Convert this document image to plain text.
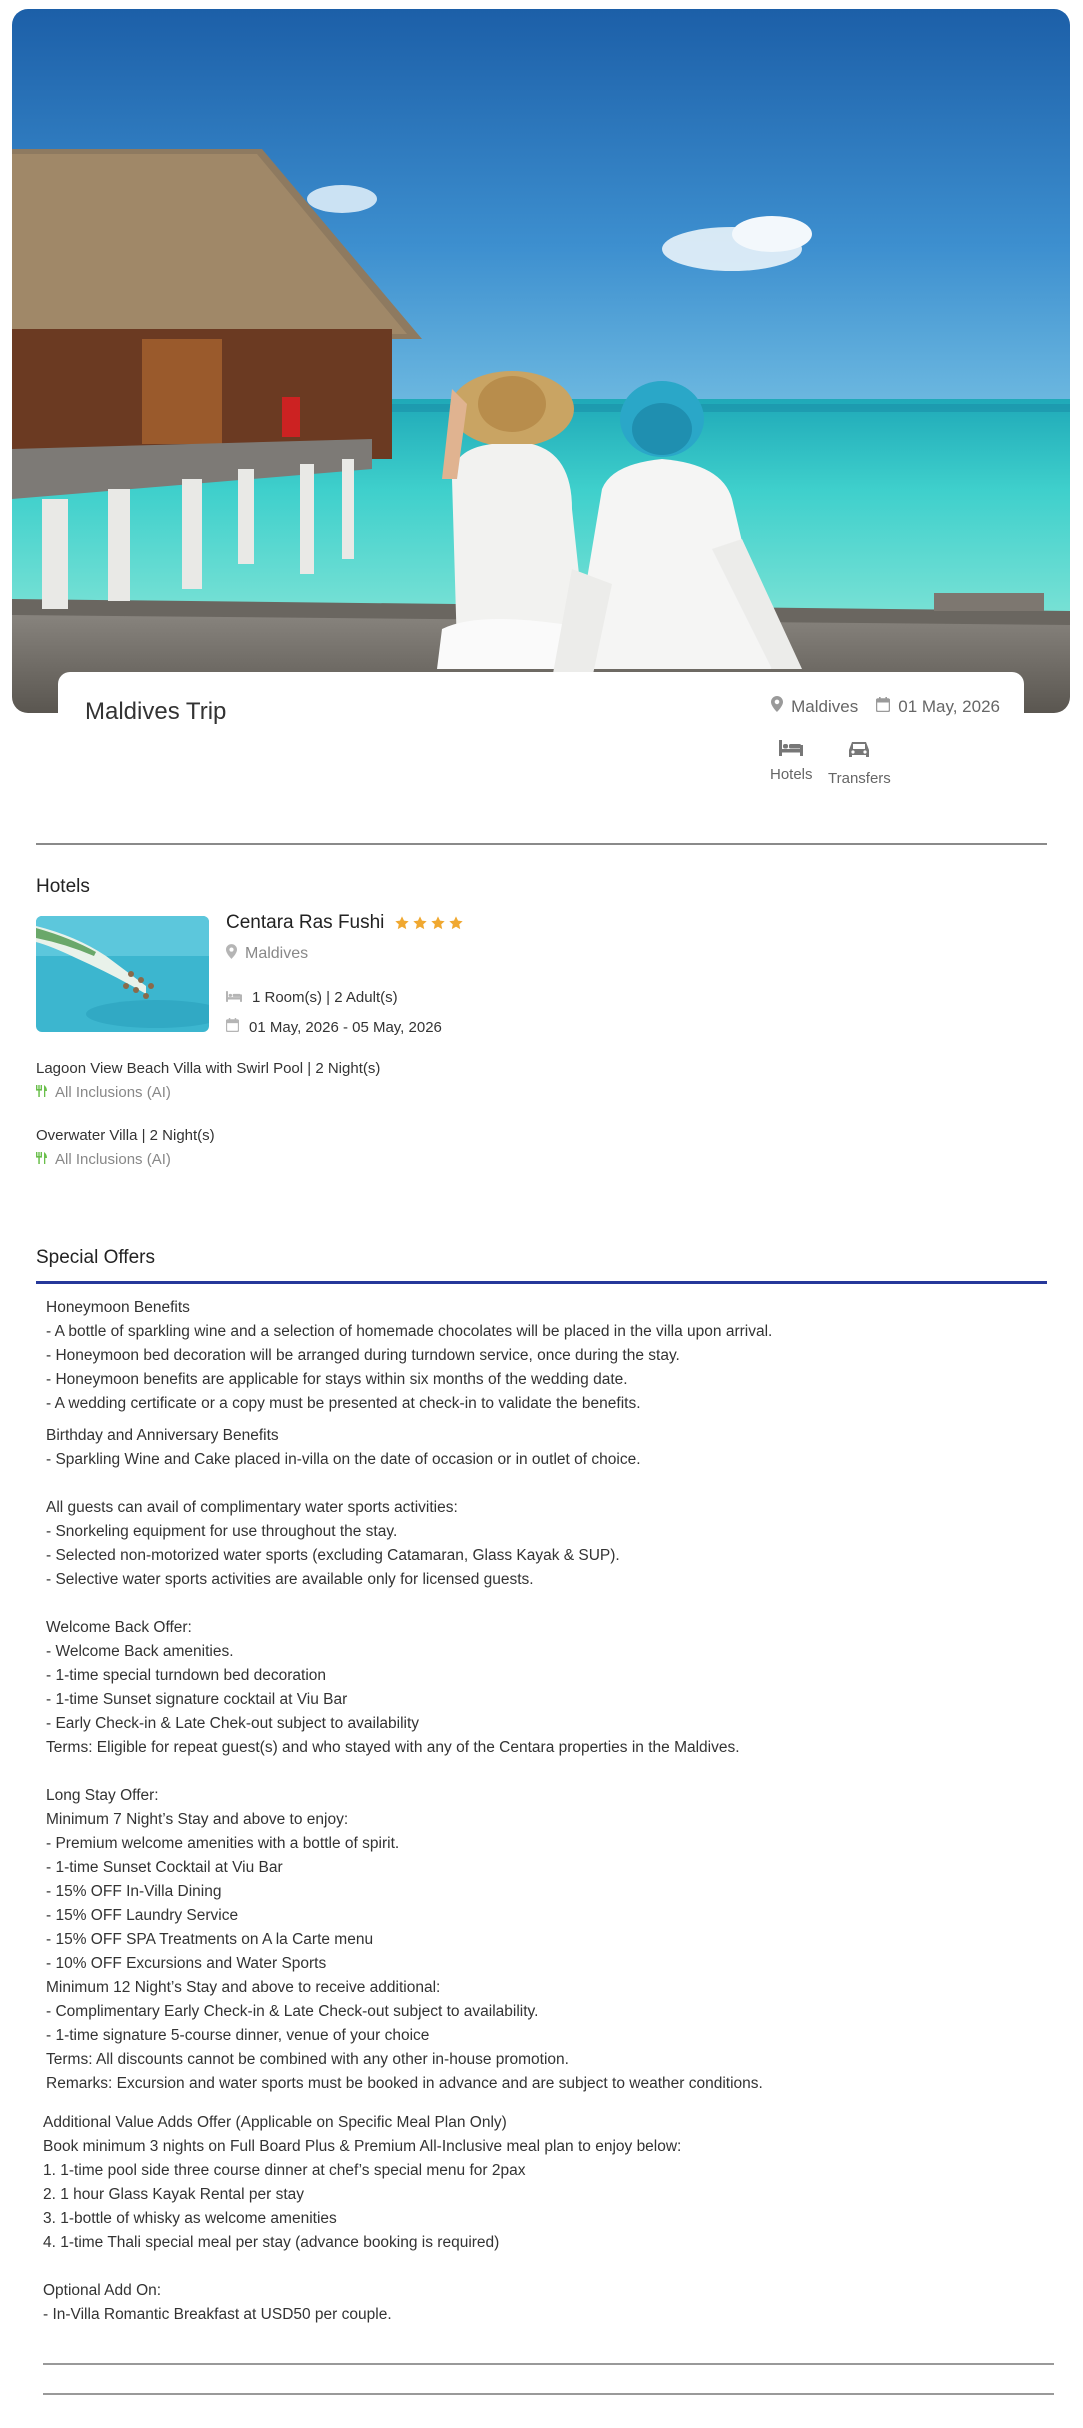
Maldives Trip	Maldives 01 May, 2026
Hotels Transfers
Hotels
Centara Ras Fushi
Maldives
1 Room(s) | 2 Adult(s)
01 May, 2026 - 05 May, 2026
Lagoon View Beach Villa with Swirl Pool | 2 Night(s)
All Inclusions (AI)
Overwater Villa | 2 Night(s)
All Inclusions (AI)
Special Offers
Honeymoon Benefits
- A bottle of sparkling wine and a selection of homemade chocolates will be placed in the villa upon arrival.
- Honeymoon bed decoration will be arranged during turndown service, once during the stay.
- Honeymoon benefits are applicable for stays within six months of the wedding date.
- A wedding certificate or a copy must be presented at check-in to validate the benefits.
Birthday and Anniversary Benefits
- Sparkling Wine and Cake placed in-villa on the date of occasion or in outlet of choice.
All guests can avail of complimentary water sports activities:
- Snorkeling equipment for use throughout the stay.
- Selected non-motorized water sports (excluding Catamaran, Glass Kayak & SUP).
- Selective water sports activities are available only for licensed guests.
Welcome Back Offer:
- Welcome Back amenities.
- 1-time special turndown bed decoration
- 1-time Sunset signature cocktail at Viu Bar
- Early Check-in & Late Chek-out subject to availability
Terms: Eligible for repeat guest(s) and who stayed with any of the Centara properties in the Maldives.
Long Stay Offer:
Minimum 7 Night’s Stay and above to enjoy:
- Premium welcome amenities with a bottle of spirit.
- 1-time Sunset Cocktail at Viu Bar
- 15% OFF In-Villa Dining
- 15% OFF Laundry Service
- 15% OFF SPA Treatments on A la Carte menu
- 10% OFF Excursions and Water Sports
Minimum 12 Night’s Stay and above to receive additional:
- Complimentary Early Check-in & Late Check-out subject to availability.
- 1-time signature 5-course dinner, venue of your choice
Terms: All discounts cannot be combined with any other in-house promotion.
Remarks: Excursion and water sports must be booked in advance and are subject to weather conditions.
Additional Value Adds Offer (Applicable on Specific Meal Plan Only)
Book minimum 3 nights on Full Board Plus & Premium All-Inclusive meal plan to enjoy below:
1. 1-time pool side three course dinner at chef’s special menu for 2pax
2. 1 hour Glass Kayak Rental per stay
3. 1-bottle of whisky as welcome amenities
4. 1-time Thali special meal per stay (advance booking is required)
Optional Add On:
- In-Villa Romantic Breakfast at USD50 per couple.
